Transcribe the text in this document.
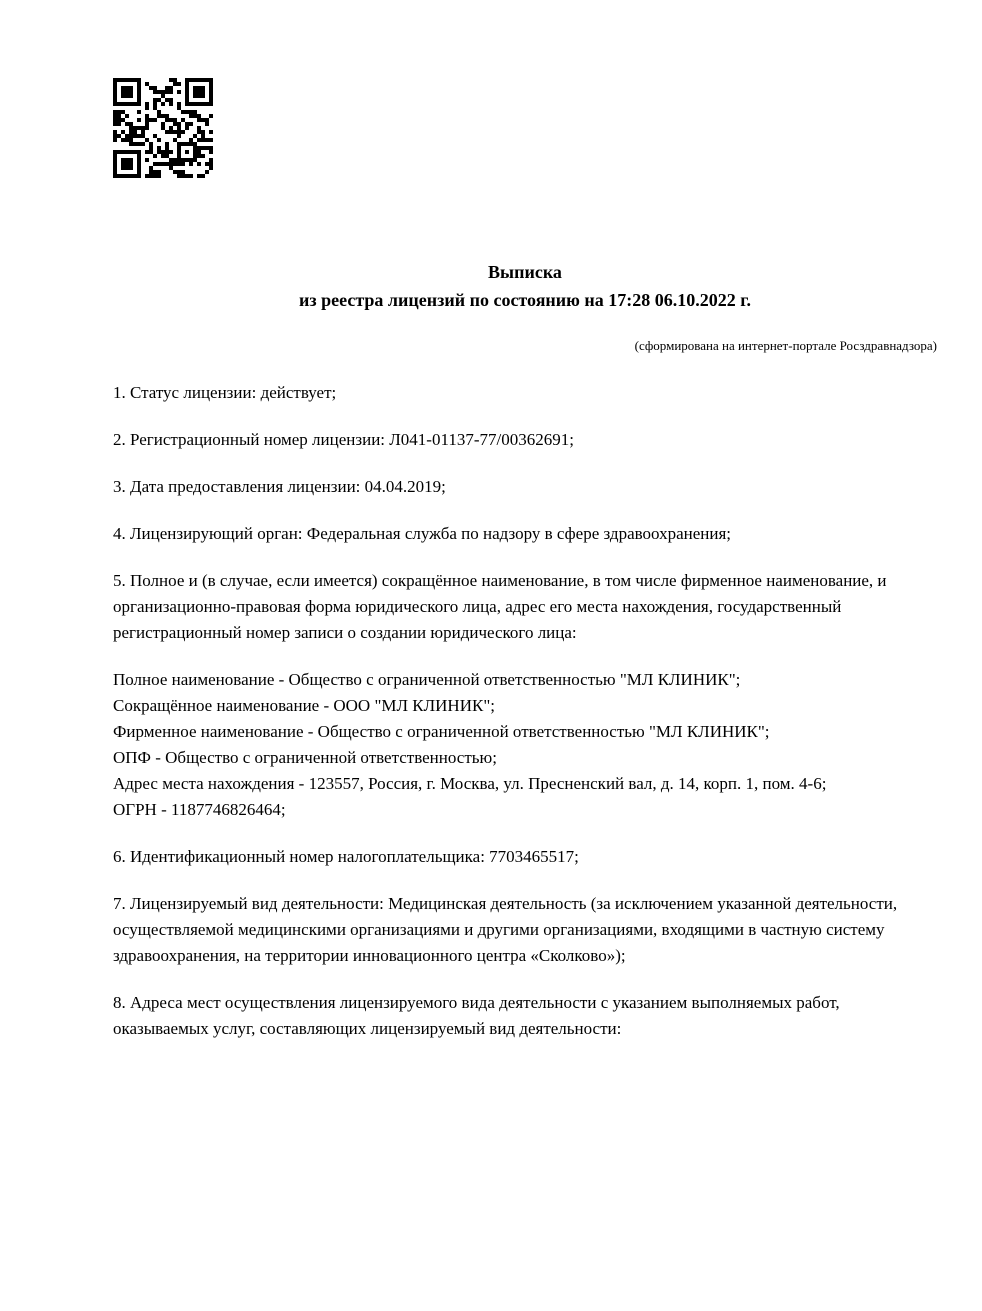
Выписка
из реестра лицензий по состоянию на 17:28 06.10.2022 г.
(сформирована на интернет-портале Росздравнадзора)

1. Статус лицензии: действует;

2. Регистрационный номер лицензии: Л041-01137-77/00362691;

3. Дата предоставления лицензии: 04.04.2019;

4. Лицензирующий орган: Федеральная служба по надзору в сфере здравоохранения;

5. Полное и (в случае, если имеется) сокращённое наименование, в том числе фирменное наименование, и организационно-правовая форма юридического лица, адрес его места нахождения, государственный регистрационный номер записи о создании юридического лица:

Полное наименование - Общество с ограниченной ответственностью "МЛ КЛИНИК";
Сокращённое наименование - ООО "МЛ КЛИНИК";
Фирменное наименование - Общество с ограниченной ответственностью "МЛ КЛИНИК";
ОПФ - Общество с ограниченной ответственностью;
Адрес места нахождения - 123557, Россия, г. Москва, ул. Пресненский вал, д. 14, корп. 1, пом. 4-6;
ОГРН - 1187746826464;

6. Идентификационный номер налогоплательщика: 7703465517;

7. Лицензируемый вид деятельности: Медицинская деятельность (за исключением указанной деятельности, осуществляемой медицинскими организациями и другими организациями, входящими в частную систему здравоохранения, на территории инновационного центра «Сколково»);

8. Адреса мест осуществления лицензируемого вида деятельности с указанием выполняемых работ, оказываемых услуг, составляющих лицензируемый вид деятельности:
